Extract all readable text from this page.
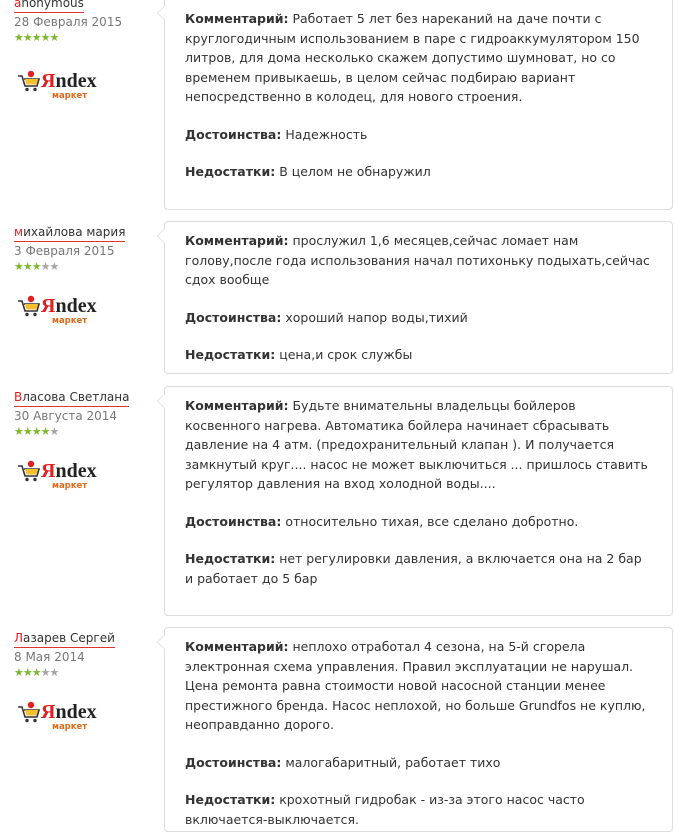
anonymous
28 Февраля 2015
★★★★★
Яndex
маркет

Комментарий: Работает 5 лет без нареканий на даче почти с круглогодичным использованием в паре с гидроаккумулятором 150 литров, для дома несколько скажем допустимо шумноват, но со временем привыкаешь, в целом сейчас подбираю вариант непосредственно в колодец, для нового строения.

Достоинства: Надежность

Недостатки: В целом не обнаружил

михайлова мария
3 Февраля 2015
★★★★★
Яndex
маркет

Комментарий: прослужил 1,6 месяцев,сейчас ломает нам голову,после года использования начал потихоньку подыхать,сейчас сдох вообще

Достоинства: хороший напор воды,тихий

Недостатки: цена,и срок службы

Власова Светлана
30 Августа 2014
★★★★★
Яndex
маркет

Комментарий: Будьте внимательны владельцы бойлеров косвенного нагрева. Автоматика бойлера начинает сбрасывать давление на 4 атм. (предохранительный клапан ). И получается замкнутый круг.... насос не может выключиться ... пришлось ставить регулятор давления на вход холодной воды....

Достоинства: относительно тихая, все сделано добротно.

Недостатки: нет регулировки давления, а включается она на 2 бар и работает до 5 бар

Лазарев Сергей
8 Мая 2014
★★★★★
Яndex
маркет

Комментарий: неплохо отработал 4 сезона, на 5-й сгорела электронная схема управления. Правил эксплуатации не нарушал. Цена ремонта равна стоимости новой насосной станции менее престижного бренда. Насос неплохой, но больше Grundfos не куплю, неоправданно дорого.

Достоинства: малогабаритный, работает тихо

Недостатки: крохотный гидробак - из-за этого насос часто включается-выключается.
